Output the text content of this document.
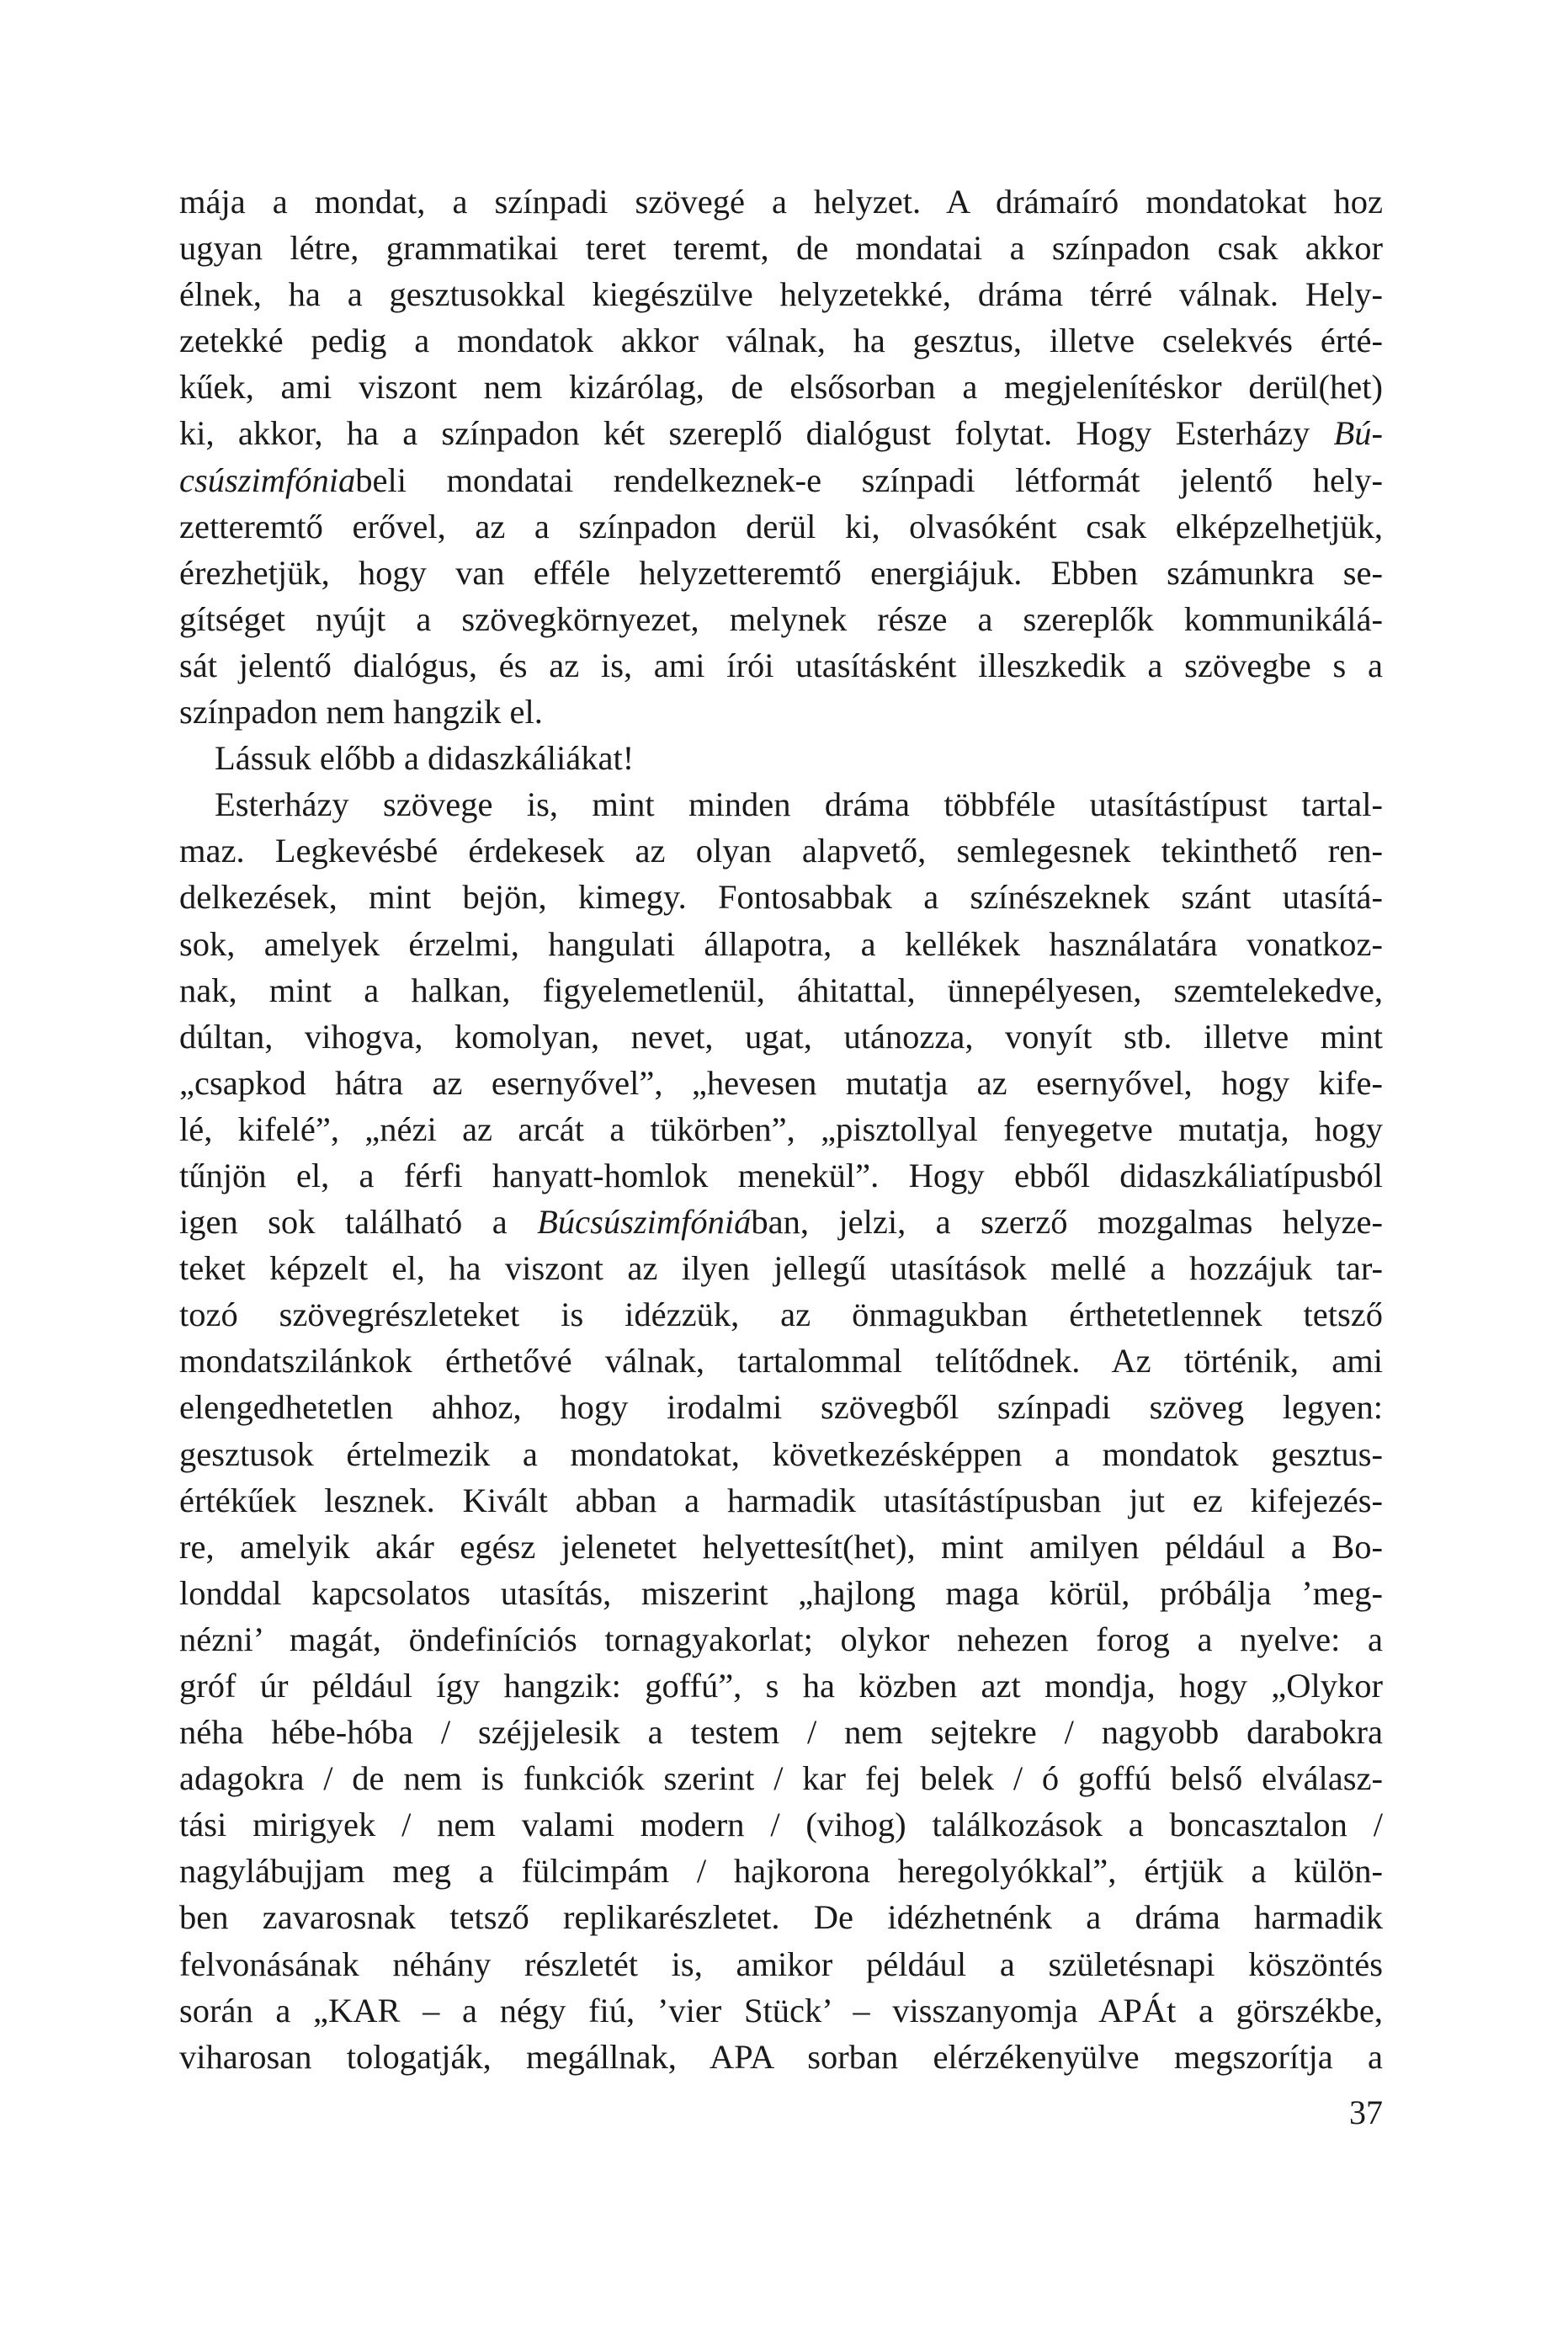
mája a mondat, a színpadi szövegé a helyzet. A drámaíró mondatokat hoz
ugyan létre, grammatikai teret teremt, de mondatai a színpadon csak akkor
élnek, ha a gesztusokkal kiegészülve helyzetekké, dráma térré válnak. Hely-
zetekké pedig a mondatok akkor válnak, ha gesztus, illetve cselekvés érté-
kűek, ami viszont nem kizárólag, de elsősorban a megjelenítéskor derül(het)
ki, akkor, ha a színpadon két szereplő dialógust folytat. Hogy Esterházy Bú-
csúszimfóniabeli mondatai rendelkeznek-e színpadi létformát jelentő hely-
zetteremtő erővel, az a színpadon derül ki, olvasóként csak elképzelhetjük,
érezhetjük, hogy van efféle helyzetteremtő energiájuk. Ebben számunkra se-
gítséget nyújt a szövegkörnyezet, melynek része a szereplők kommunikálá-
sát jelentő dialógus, és az is, ami írói utasításként illeszkedik a szövegbe s a
színpadon nem hangzik el.
Lássuk előbb a didaszkáliákat!
Esterházy szövege is, mint minden dráma többféle utasítástípust tartal-
maz. Legkevésbé érdekesek az olyan alapvető, semlegesnek tekinthető ren-
delkezések, mint bejön, kimegy. Fontosabbak a színészeknek szánt utasítá-
sok, amelyek érzelmi, hangulati állapotra, a kellékek használatára vonatkoz-
nak, mint a halkan, figyelemetlenül, áhitattal, ünnepélyesen, szemtelekedve,
dúltan, vihogva, komolyan, nevet, ugat, utánozza, vonyít stb. illetve mint
„csapkod hátra az esernyővel”, „hevesen mutatja az esernyővel, hogy kife-
lé, kifelé”, „nézi az arcát a tükörben”, „pisztollyal fenyegetve mutatja, hogy
tűnjön el, a férfi hanyatt-homlok menekül”. Hogy ebből didaszkáliatípusból
igen sok található a Búcsúszimfóniában, jelzi, a szerző mozgalmas helyze-
teket képzelt el, ha viszont az ilyen jellegű utasítások mellé a hozzájuk tar-
tozó szövegrészleteket is idézzük, az önmagukban érthetetlennek tetsző
mondatszilánkok érthetővé válnak, tartalommal telítődnek. Az történik, ami
elengedhetetlen ahhoz, hogy irodalmi szövegből színpadi szöveg legyen:
gesztusok értelmezik a mondatokat, következésképpen a mondatok gesztus-
értékűek lesznek. Kivált abban a harmadik utasítástípusban jut ez kifejezés-
re, amelyik akár egész jelenetet helyettesít(het), mint amilyen például a Bo-
londdal kapcsolatos utasítás, miszerint „hajlong maga körül, próbálja ’meg-
nézni’ magát, öndefiníciós tornagyakorlat; olykor nehezen forog a nyelve: a
gróf úr például így hangzik: goffú”, s ha közben azt mondja, hogy „Olykor
néha hébe-hóba / széjjelesik a testem / nem sejtekre / nagyobb darabokra
adagokra / de nem is funkciók szerint / kar fej belek / ó goffú belső elválasz-
tási mirigyek / nem valami modern / (vihog) találkozások a boncasztalon /
nagylábujjam meg a fülcimpám / hajkorona heregolyókkal”, értjük a külön-
ben zavarosnak tetsző replikarészletet. De idézhetnénk a dráma harmadik
felvonásának néhány részletét is, amikor például a születésnapi köszöntés
során a „KAR – a négy fiú, ’vier Stück’ – visszanyomja APÁt a görszékbe,
viharosan tologatják, megállnak, APA sorban elérzékenyülve megszorítja a
37
